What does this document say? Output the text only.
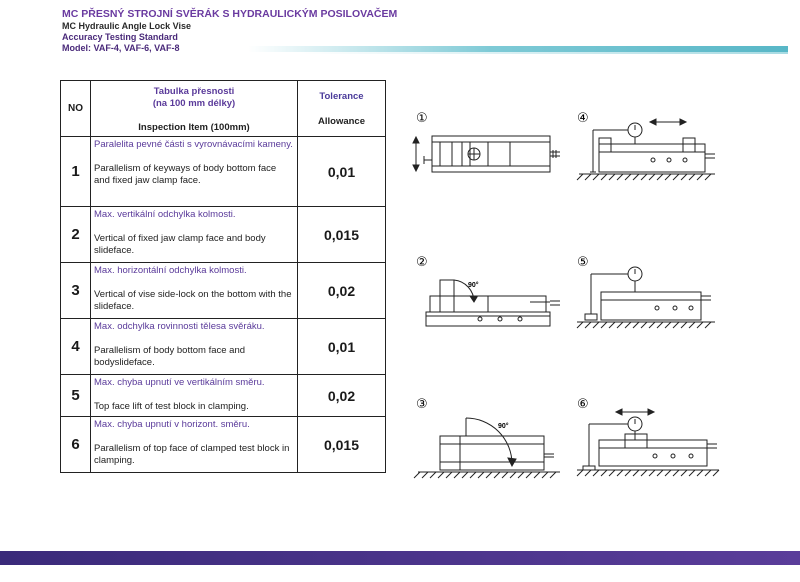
MC PŘESNÝ STROJNÍ SVĚRÁK S HYDRAULICKÝM POSILOVAČEM
MC Hydraulic Angle Lock Vise
Accuracy Testing Standard
Model: VAF-4, VAF-6, VAF-8
NO	Tabulka přesnosti
(na 100 mm délky)
Inspection Item (100mm)	Tolerance
Allowance

1	Paralelita pevné části s vyrovnávacími kameny.
Parallelism of keyways of body bottom face and fixed jaw clamp face.	0,01
2	Max. vertikální odchylka kolmosti.
Vertical of fixed jaw clamp face and body slideface.	0,015
3	Max. horizontální odchylka kolmosti.
Vertical of vise side-lock on the bottom with the slideface.	0,02
4	Max. odchylka rovinnosti tělesa svěráku.
Parallelism of body bottom face and bodyslideface.	0,01
5	Max. chyba upnutí ve vertikálním směru.
Top face lift of test block in clamping.	0,02
6	Max. chyba upnutí v horizont. směru.
Parallelism of top face of clamped test block in clamping.	0,015
①
②
90°
③
90°
④
⑤
⑥
